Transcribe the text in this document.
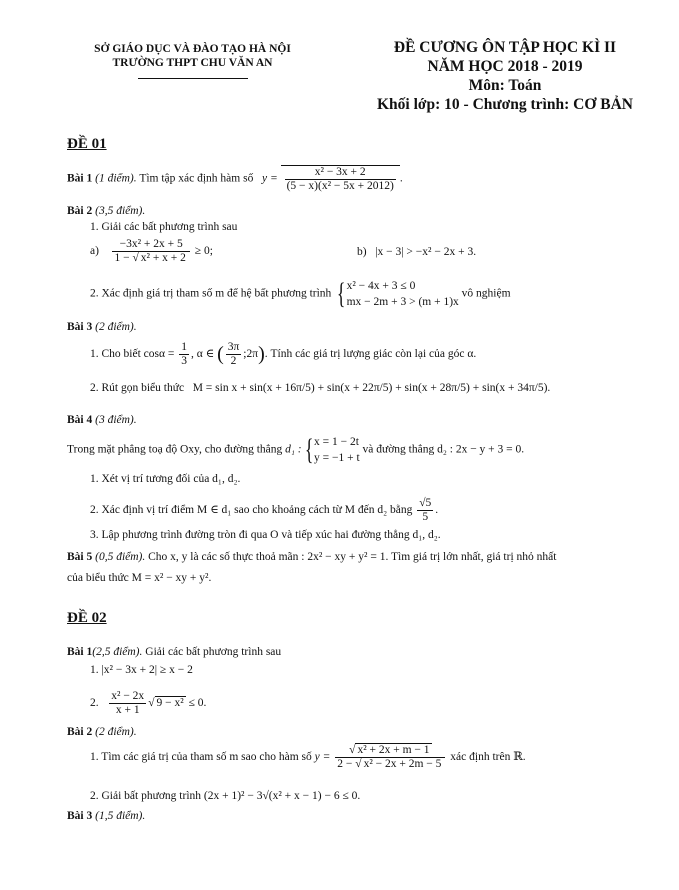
SỞ GIÁO DỤC VÀ ĐÀO TẠO HÀ NỘI
TRƯỜNG THPT CHU VĂN AN
ĐỀ CƯƠNG ÔN TẬP HỌC KÌ II
NĂM HỌC 2018 - 2019
Môn: Toán
Khối lớp: 10 - Chương trình: CƠ BẢN
ĐỀ 01
Bài 1 (1 điểm). Tìm tập xác định hàm số $y = \frac{\text{x² − 3x + 2}}{\text{(5 − x)(x² − 5x + 2012)}}$ .
Bài 2 (3,5 điểm).
1. Giải các bất phương trình sau
$a) \frac{\text{−3x² + 2x + 5}}{\text{1 − √ x² + x + 2}} \ge 0$;	b) |x − 3| > −x² − 2x + 3.
2. Xác định giá trị tham số m để hệ bất phương trình { x² − 4x + 3 ≤ 0
mx − 2m + 3 > (m + 1)x
vô nghiệm
Bài 3 (2 điểm).
1. Cho biết $\cos\alpha = \frac{1}{3}$ , α ∈ ( $\frac{3\pi}{2}$ ;2π). Tính các giá trị lượng giác còn lại của góc α.
2. Rút gọn biểu thức M = sin x + sin(x + 16π/5) + sin(x + 22π/5) + sin(x + 28π/5) + sin(x + 34π/5).
Bài 4 (3 điểm).
Trong mặt phẳng toạ độ Oxy, cho đường thẳng d₁ :{ x = 1 − 2t
y = −1 + t
và đường thẳng d₂ : 2x − y + 3 = 0.
1. Xét vị trí tương đối của d₁, d₂.
2. Xác định vị trí điểm M ∈ d₁ sao cho khoảng cách từ M đến d₂ bằng $\frac{√5}{5}$ .
3. Lập phương trình đường tròn đi qua O và tiếp xúc hai đường thẳng d₁, d₂.
Bài 5 (0,5 điểm). Cho x, y là các số thực thoả mãn : 2x² − xy + y² = 1. Tìm giá trị lớn nhất, giá trị nhỏ nhất
của biểu thức M = x² − xy + y².
ĐỀ 02
Bài 1(2,5 điểm). Giải các bất phương trình sau
1. |x² − 3x + 2| ≥ x − 2
2. $\frac{\text{x² − 2x}}{x + 1}$ √ 9 − x² ≤ 0.
Bài 2 (2 điểm).
1. Tìm các giá trị của tham số m sao cho hàm số $y = \frac{\text{√ x² + 2x + m − 1}}{\text{2 − √ x² − 2x + 2m − 5}}$ xác định trên ℝ.
2. Giải bất phương trình (2x + 1)² − 3√(x² + x − 1) − 6 ≤ 0.
Bài 3 (1,5 điểm).
